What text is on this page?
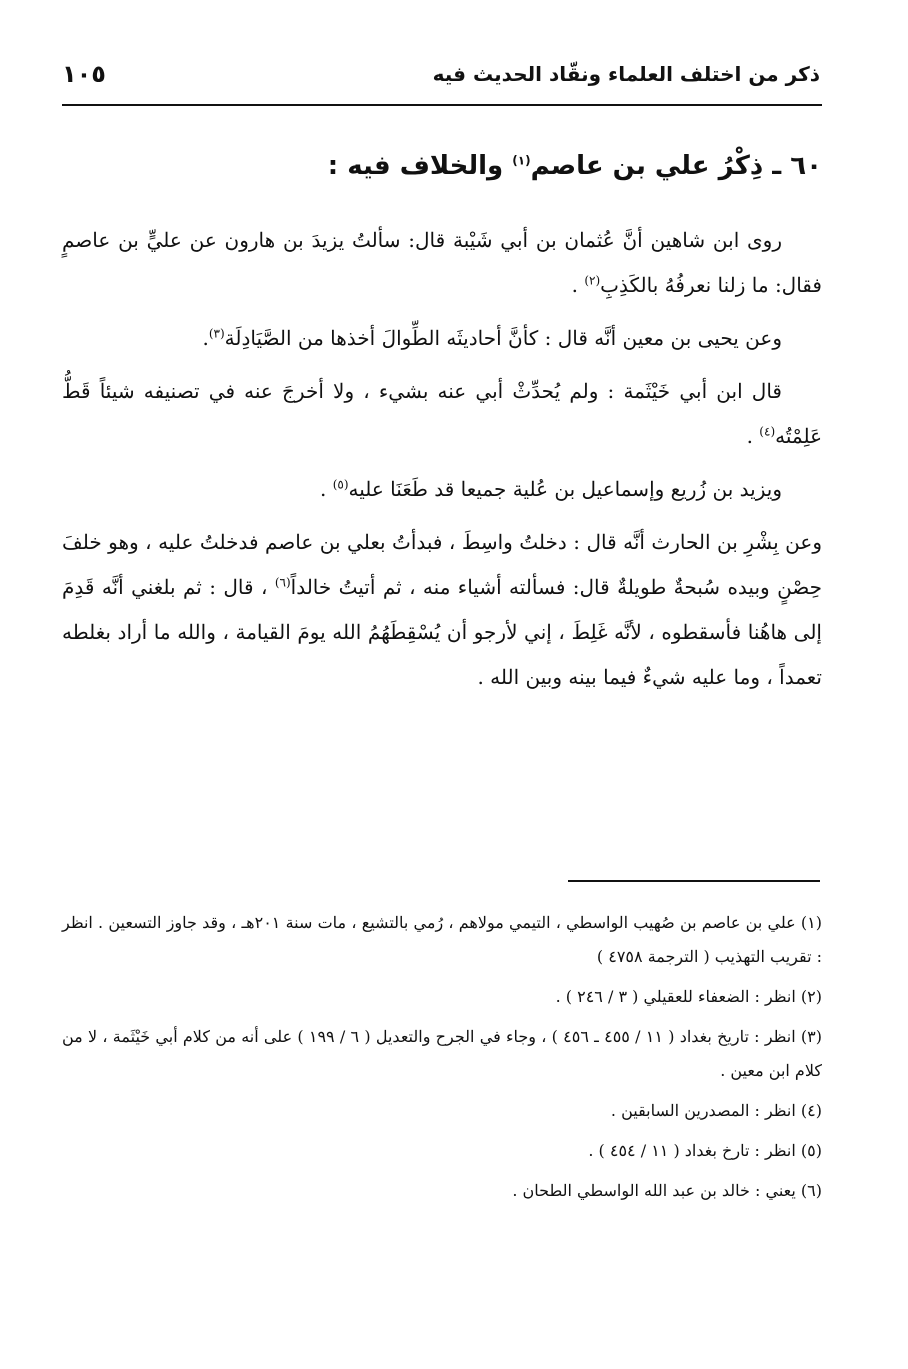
ذكر من اختلف العلماء ونقّاد الحديث فيه
١٠٥
٦٠ ـ ذِكْرُ علي بن عاصم$^{(١)}$ والخلاف فيه :

روى ابن شاهين أنَّ عُثمان بن أبي شَيْبة قال: سألتُ يزيدَ بن هارون عن عليٍّ بن عاصمٍ فقال: ما زلنا نعرفُهُ بالكَذِبِ$^{(٢)}$ .

وعن يحيى بن معين أنَّه قال : كأنَّ أحاديثَه الطِّوالَ أخذها من الصَّيَادِلَة$^{(٣)}$.

قال ابن أبي خَيْثَمة : ولم يُحدِّثْ أبي عنه بشيء ، ولا أخرجَ عنه في تصنيفه شيئاً قَطُّ عَلِمْتُه$^{(٤)}$ .

ويزيد بن زُريع وإسماعيل بن عُلية جميعا قد طَعَنَا عليه$^{(٥)}$ .

وعن بِشْرِ بن الحارث أنَّه قال : دخلتُ واسِطَ ، فبدأتُ بعلي بن عاصم فدخلتُ عليه ، وهو خلفَ حِصْنٍ وبيده سُبحةٌ طويلةٌ قال: فسألته أشياء منه ، ثم أتيتُ خالداً$^{(٦)}$ ، قال : ثم بلغني أنَّه قَدِمَ إلى هاهُنا فأسقطوه ، لأنَّه غَلِطَ ، إني لأرجو أن يُسْقِطَهُمُ الله يومَ القيامة ، والله ما أراد بغلطه تعمداً ، وما عليه شيءٌ فيما بينه وبين الله .

(١) علي بن عاصم بن صُهيب الواسطي ، التيمي مولاهم ، رُمي بالتشيع ، مات سنة ٢٠١هـ ، وقد جاوز التسعين . انظر : تقريب التهذيب ( الترجمة ٤٧٥٨ )
(٢) انظر : الضعفاء للعقيلي ( ٣ / ٢٤٦ ) .
(٣) انظر : تاريخ بغداد ( ١١ / ٤٥٥ ـ ٤٥٦ ) ، وجاء في الجرح والتعديل ( ٦ / ١٩٩ ) على أنه من كلام أبي خَيْثَمة ، لا من كلام ابن معين .
(٤) انظر : المصدرين السابقين .
(٥) انظر : تارخ بغداد ( ١١ / ٤٥٤ ) .
(٦) يعني : خالد بن عبد الله الواسطي الطحان .
